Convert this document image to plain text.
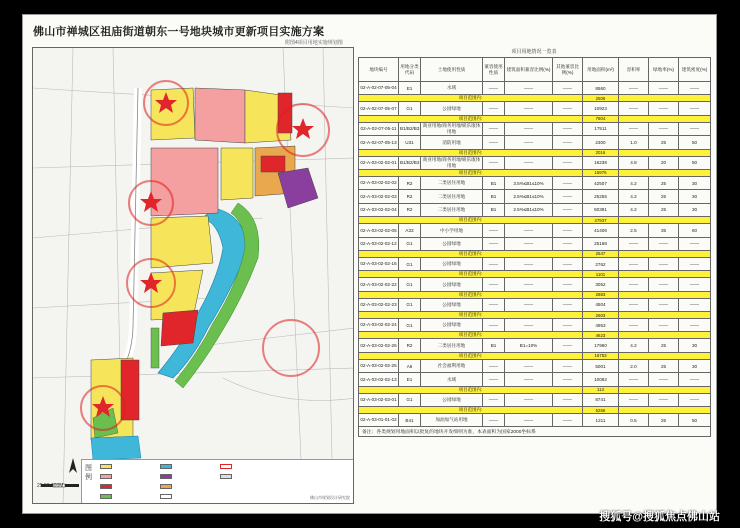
佛山市禅城区祖庙街道朝东一号地块城市更新项目实施方案
附图4项目用地实施规划图
25 50 100M
图例
佛山市规划设计研究院
项目用地情况一览表
地块编号	用地分类代码	土地使用性质	兼容使用性质	建筑面积兼容比例(%)	其他兼容比例(%)	用地面积(m²)	容积率	绿地率(%)	建筑密度(%)
02-A-02-07-05-04	E1	水域	——	——	——	8560	——	——	——
项目范围内:						2506			
02-A-02-07-05-07	G1	公园绿地	——	——	——	10923	——	——	——
项目范围内:						7804			
02-A-02-07-05-11	B1/B2/B3	商业用地/商务用地/娱乐康体用地	——	——	——	17511	——	——	——
02-A-02-07-05-13	U31	消防用地	——	——	——	2300	1.0	25	50
项目范围内:						2016			
02-A-03-02-02-01	B1/B2/B3	商业用地/商务用地/娱乐康体用地	——	——	——	16238	4.8	20	50
项目范围内:						15976			
02-A-03-02-02-02	R2	二类居住用地	B1	3.5%≤B1≤10%	——	42507	4.2	25	30
02-A-03-02-02-03	R2	二类居住用地	B1	2.5%≤B1≤10%	——	25255	4.2	25	30
02-A-03-02-02-04	R2	二类居住用地	B1	2.5%≤B1≤10%	——	50391	4.2	25	30
项目范围内:						47937			
02-A-03-02-02-05	A33	中小学用地	——	——	——	41406	2.5	35	60
02-A-03-02-02-12	G1	公园绿地	——	——	——	25168	——	——	——
项目范围内:						2547			
02-A-03-02-02-16	G1	公园绿地	——	——	——	2762	——	——	——
项目范围内:						1101			
02-A-03-02-02-22	G1	公园绿地	——	——	——	3052	——	——	——
项目范围内:						2883			
02-A-03-02-02-23	G1	公园绿地	——	——	——	4504	——	——	——
项目范围内:						2603			
02-A-03-02-02-24	G1	公园绿地	——	——	——	4953	——	——	——
项目范围内:						4623			
02-A-03-02-02-26	R2	二类居住用地	B1	B1=10%	——	17960	4.2	25	30
项目范围内:						16753			
02-A-03-02-02-25	A6	社会福利用地	——	——	——	5001	2.0	25	30
02-A-03-02-02-13	E1	水域	——	——	——	10082	——	——	——
项目范围内:						113			
02-A-03-02-03-01	G1	公园绿地	——	——	——	8741	——	——	——
项目范围内:						5266			
02-A-03-01-01-02	B41	加油加气站用地	——	——	——	1211	0.5	25	50
备注：各类规划用地面积以批复的地块开发细则为准，本表面积为国家2000坐标系									
搜狐号@搜狐焦点佛山站
